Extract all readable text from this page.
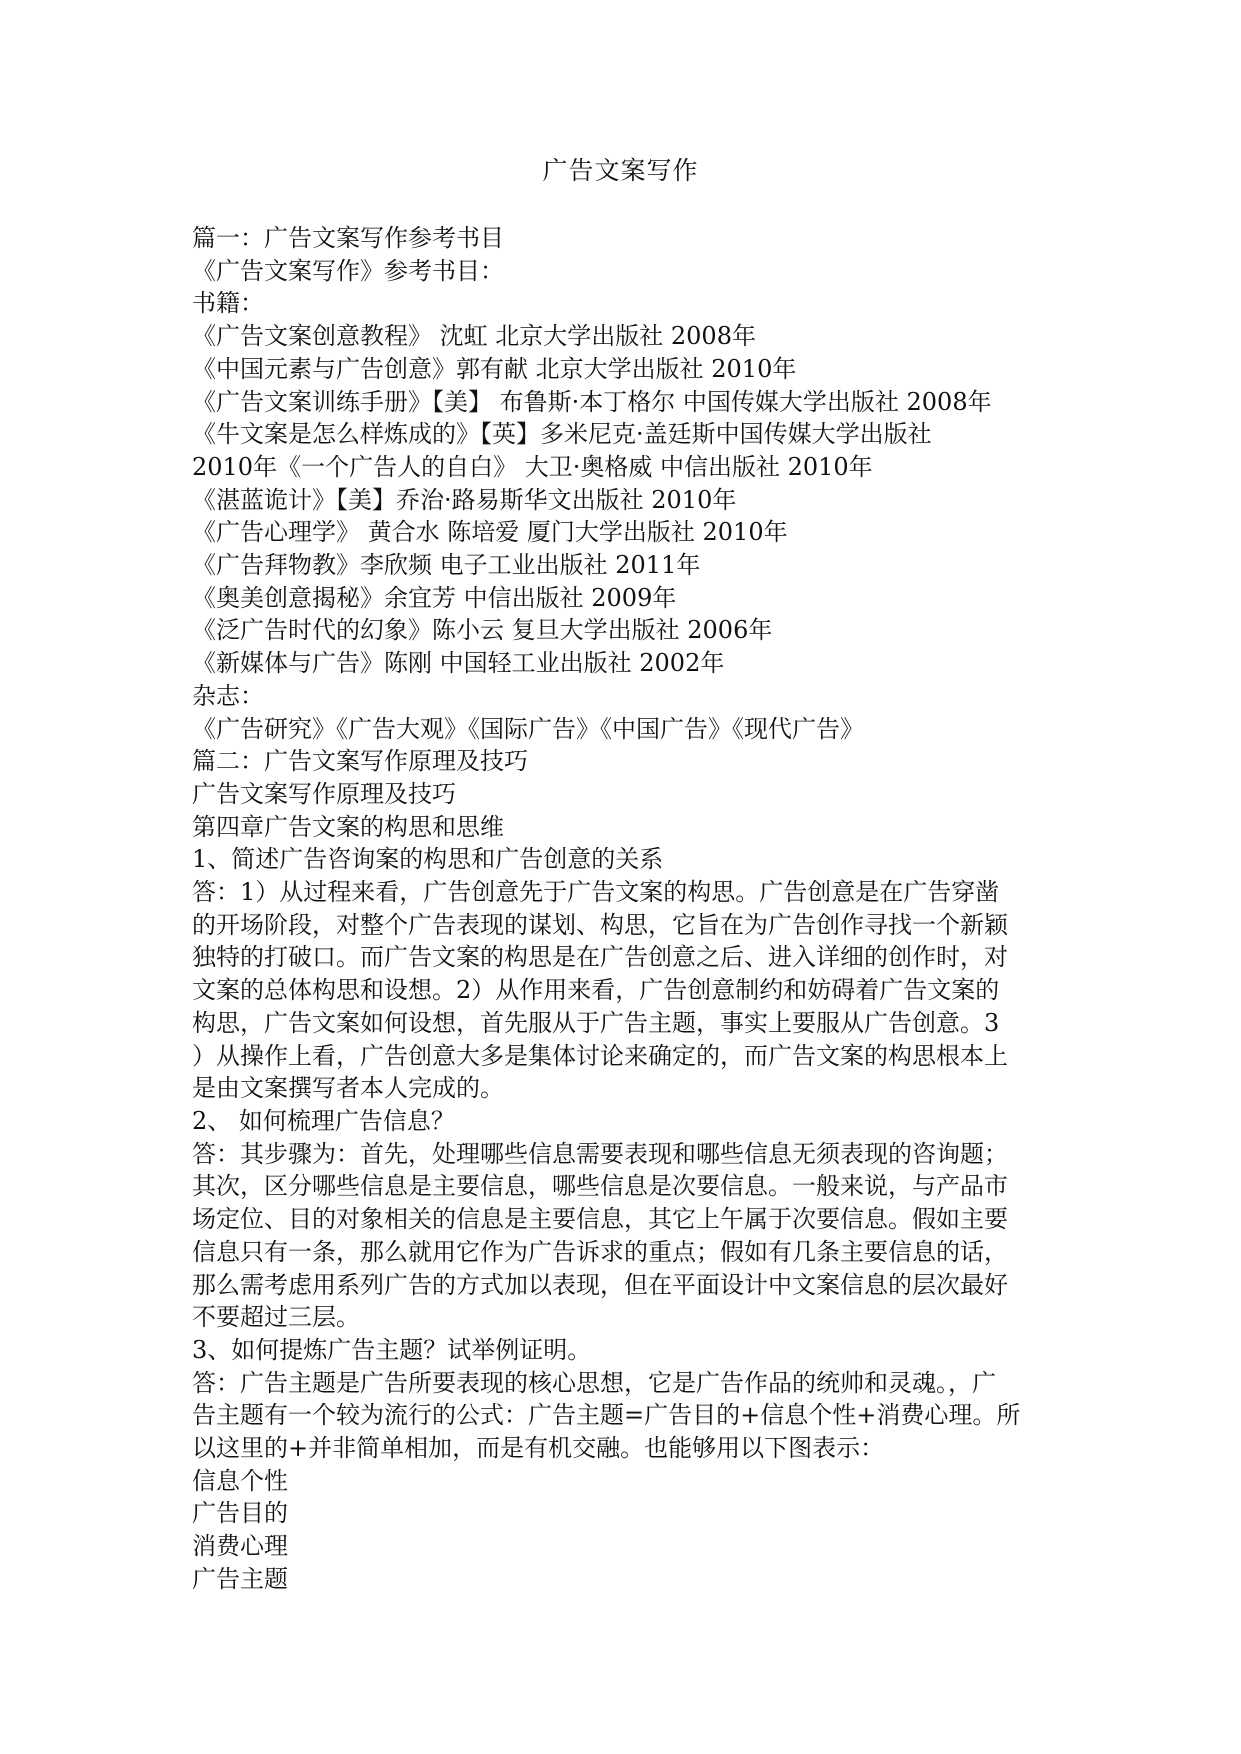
广告文案写作
篇一：广告文案写作参考书目
《广告文案写作》参考书目：
书籍：
《广告文案创意教程》 沈虹 北京大学出版社 2008年
《中国元素与广告创意》郭有献 北京大学出版社 2010年
《广告文案训练手册》【美】 布鲁斯·本丁格尔 中国传媒大学出版社 2008年
《牛文案是怎么样炼成的》【英】多米尼克·盖廷斯中国传媒大学出版社
2010年《一个广告人的自白》 大卫·奥格威 中信出版社 2010年
《湛蓝诡计》【美】乔治·路易斯华文出版社 2010年
《广告心理学》 黄合水 陈培爱 厦门大学出版社 2010年
《广告拜物教》李欣频 电子工业出版社 2011年
《奥美创意揭秘》余宜芳 中信出版社 2009年
《泛广告时代的幻象》陈小云 复旦大学出版社 2006年
《新媒体与广告》陈刚 中国轻工业出版社 2002年
杂志：
《广告研究》《广告大观》《国际广告》《中国广告》《现代广告》
篇二：广告文案写作原理及技巧
广告文案写作原理及技巧
第四章广告文案的构思和思维
1、简述广告咨询案的构思和广告创意的关系
答：1）从过程来看，广告创意先于广告文案的构思。广告创意是在广告穿凿
的开场阶段，对整个广告表现的谋划、构思，它旨在为广告创作寻找一个新颖
独特的打破口。而广告文案的构思是在广告创意之后、进入详细的创作时，对
文案的总体构思和设想。2）从作用来看，广告创意制约和妨碍着广告文案的
构思，广告文案如何设想，首先服从于广告主题，事实上要服从广告创意。3
）从操作上看，广告创意大多是集体讨论来确定的，而广告文案的构思根本上
是由文案撰写者本人完成的。
2、 如何梳理广告信息？
答：其步骤为：首先，处理哪些信息需要表现和哪些信息无须表现的咨询题；
其次，区分哪些信息是主要信息，哪些信息是次要信息。一般来说，与产品市
场定位、目的对象相关的信息是主要信息，其它上午属于次要信息。假如主要
信息只有一条，那么就用它作为广告诉求的重点；假如有几条主要信息的话，
那么需考虑用系列广告的方式加以表现，但在平面设计中文案信息的层次最好
不要超过三层。
3、如何提炼广告主题？试举例证明。
答：广告主题是广告所要表现的核心思想，它是广告作品的统帅和灵魂。，广
告主题有一个较为流行的公式：广告主题=广告目的+信息个性+消费心理。所
以这里的+并非简单相加，而是有机交融。也能够用以下图表示：
信息个性
广告目的
消费心理
广告主题
